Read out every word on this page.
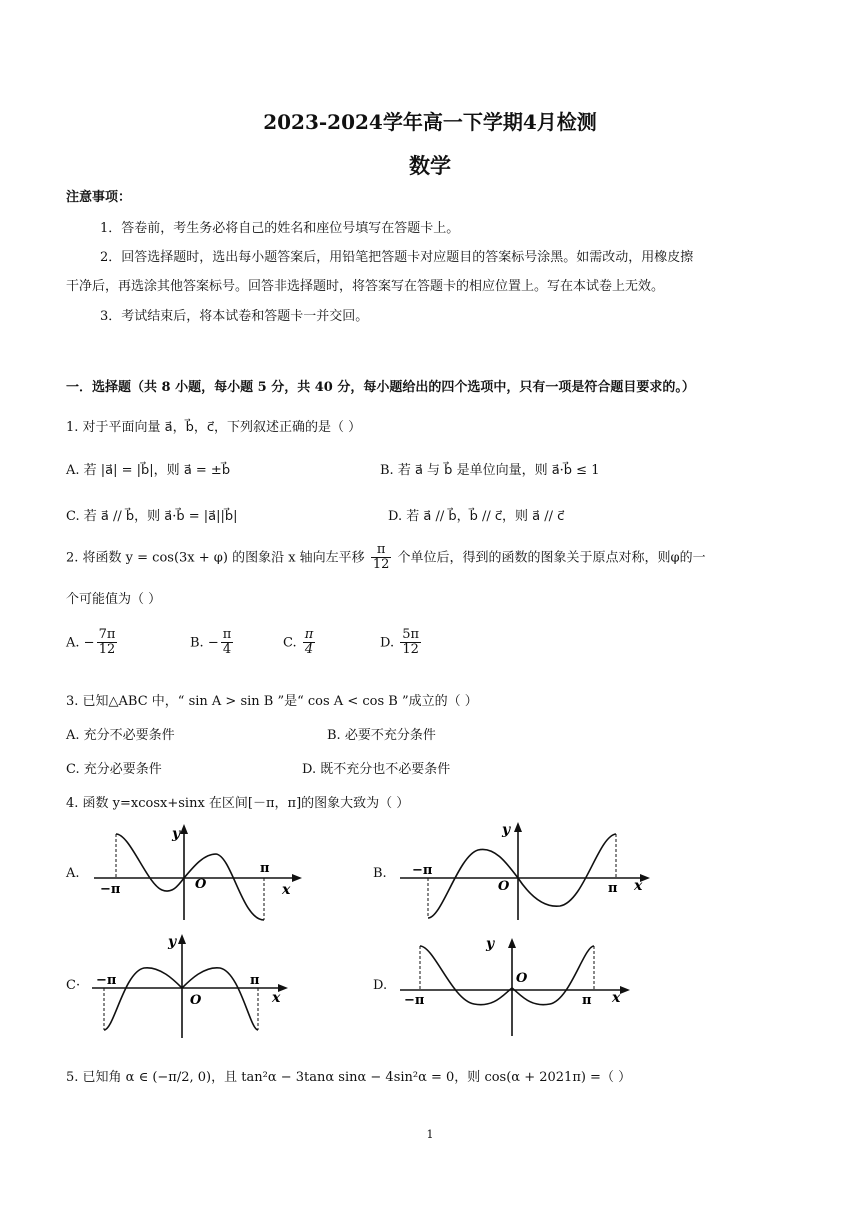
2023-2024学年高一下学期4月检测
数学
注意事项：
1．答卷前，考生务必将自己的姓名和座位号填写在答题卡上。
2．回答选择题时，选出每小题答案后，用铅笔把答题卡对应题目的答案标号涂黑。如需改动，用橡皮擦
干净后，再选涂其他答案标号。回答非选择题时，将答案写在答题卡的相应位置上。写在本试卷上无效。
3．考试结束后，将本试卷和答题卡一并交回。
一．选择题（共 8 小题，每小题 5 分，共 40 分，每小题给出的四个选项中，只有一项是符合题目要求的。）
1. 对于平面向量 a⃗，b⃗，c⃗，下列叙述正确的是（ ）
A. 若 |a⃗| = |b⃗|，则 a⃗ = ±b⃗	B. 若 a⃗ 与 b⃗ 是单位向量，则 a⃗·b⃗ ≤ 1
C. 若 a⃗ // b⃗，则 a⃗·b⃗ = |a⃗||b⃗|	D. 若 a⃗ // b⃗，b⃗ // c⃗，则 a⃗ // c⃗
2. 将函数 y = cos(3x + φ) 的图象沿 x 轴向左平移 $\frac{\pi}{12}$ 个单位后，得到的函数的图象关于原点对称，则φ的一
个可能值为（ ）
A. − $\frac{7\pi}{12}$	B. − $\frac{\pi}{4}$	C. $\frac{\pi}{4}$	D. $\frac{5\pi}{12}$
3. 已知△ABC 中，“ sin A > sin B ”是“ cos A < cos B ”成立的（ ）
A. 充分不必要条件	B. 必要不充分条件
C. 充分必要条件	D. 既不充分也不必要条件
4. 函数 y=xcosx+sinx 在区间[－π，π]的图象大致为（ ）
A.	B.
C·	D.
y
x
O
−π
π
y
x
O
−π
π
y
x
O
−π	π
y
x
O
−π	π
5. 已知角 α ∈ (−π/2, 0)，且 tan²α − 3tanα sinα − 4sin²α = 0，则 cos(α + 2021π) =（ ）
1
